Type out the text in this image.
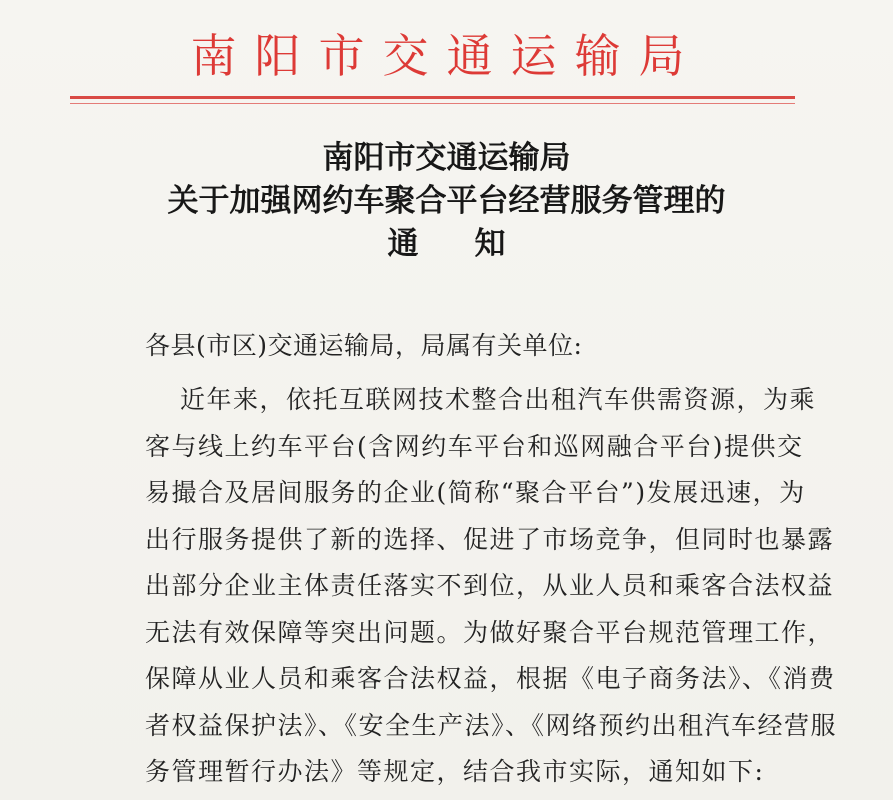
南阳市交通运输局
南阳市交通运输局
关于加强网约车聚合平台经营服务管理的
通知
各县(市区)交通运输局，局属有关单位:
近年来，依托互联网技术整合出租汽车供需资源，为乘
客与线上约车平台(含网约车平台和巡网融合平台)提供交
易撮合及居间服务的企业(简称“聚合平台”)发展迅速，为
出行服务提供了新的选择、促进了市场竞争，但同时也暴露
出部分企业主体责任落实不到位，从业人员和乘客合法权益
无法有效保障等突出问题。为做好聚合平台规范管理工作，
保障从业人员和乘客合法权益，根据《电子商务法》、《消费
者权益保护法》、《安全生产法》、《网络预约出租汽车经营服
务管理暂行办法》等规定，结合我市实际，通知如下:
